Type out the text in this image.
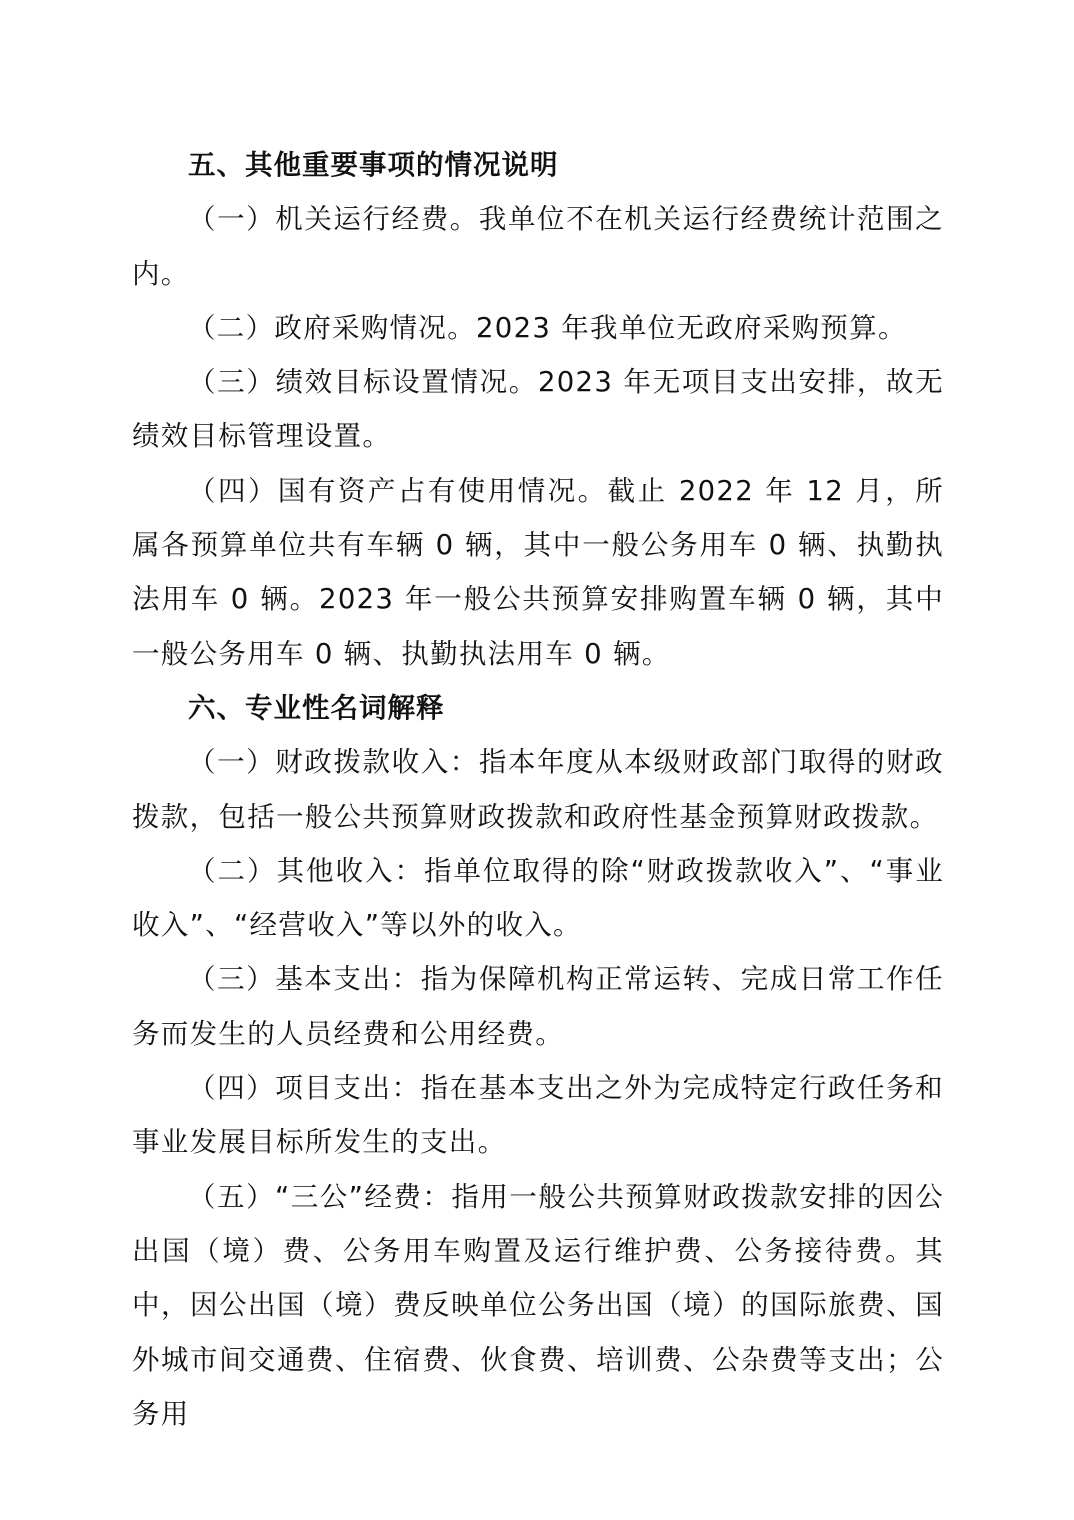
五、其他重要事项的情况说明

（一）机关运行经费。我单位不在机关运行经费统计范围之内。

（二）政府采购情况。2023 年我单位无政府采购预算。

（三）绩效目标设置情况。2023 年无项目支出安排，故无绩效目标管理设置。

（四）国有资产占有使用情况。截止 2022 年 12 月，所属各预算单位共有车辆 0 辆，其中一般公务用车 0 辆、执勤执法用车 0 辆。2023 年一般公共预算安排购置车辆 0 辆，其中一般公务用车 0 辆、执勤执法用车 0 辆。

六、专业性名词解释

（一）财政拨款收入：指本年度从本级财政部门取得的财政拨款，包括一般公共预算财政拨款和政府性基金预算财政拨款。

（二）其他收入：指单位取得的除“财政拨款收入”、“事业收入”、“经营收入”等以外的收入。

（三）基本支出：指为保障机构正常运转、完成日常工作任务而发生的人员经费和公用经费。

（四）项目支出：指在基本支出之外为完成特定行政任务和事业发展目标所发生的支出。

（五）“三公”经费：指用一般公共预算财政拨款安排的因公出国（境）费、公务用车购置及运行维护费、公务接待费。其中，因公出国（境）费反映单位公务出国（境）的国际旅费、国外城市间交通费、住宿费、伙食费、培训费、公杂费等支出；公务用
